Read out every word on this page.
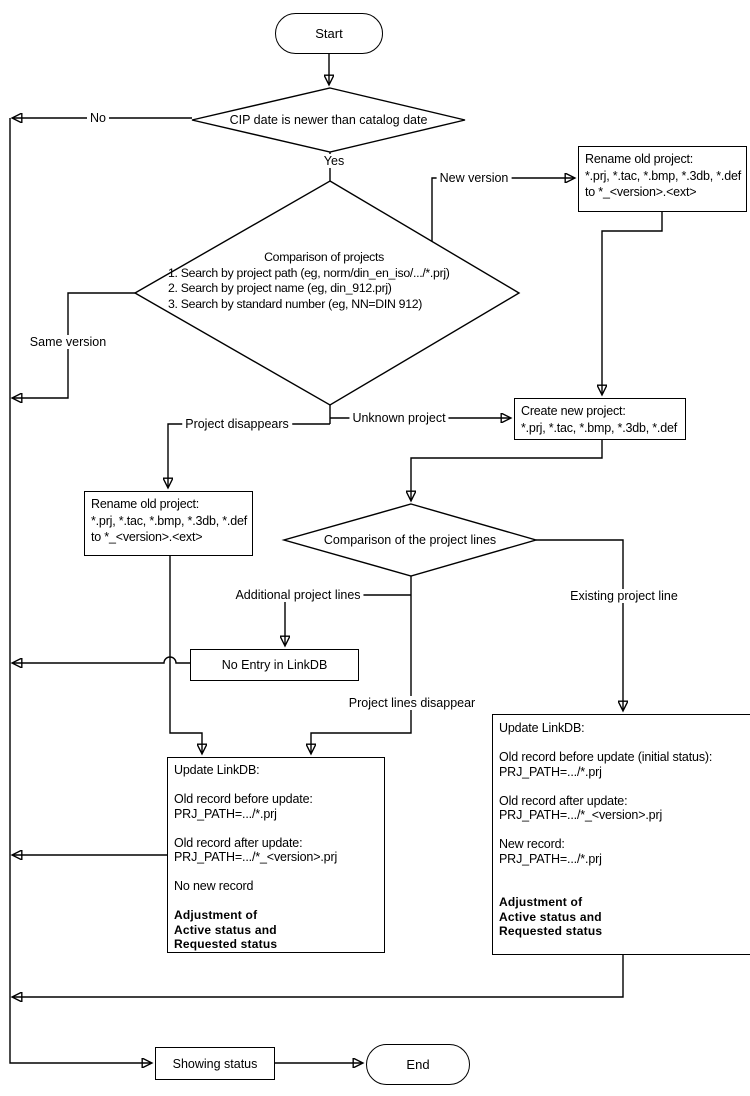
Start
CIP date is newer than catalog date
Comparison of projects
1. Search by project path (eg, norm/din_en_iso/.../*.prj)
2. Search by project name (eg, din_912.prj)
3. Search by standard number (eg, NN=DIN 912)
Rename old project:
*.prj, *.tac, *.bmp, *.3db, *.def
to *_<version>.<ext>
Create new project:
*.prj, *.tac, *.bmp, *.3db, *.def
Rename old project:
*.prj, *.tac, *.bmp, *.3db, *.def
to *_<version>.<ext>	Comparison of the project lines
No Entry in LinkDB
Update LinkDB:
Old record before update:
PRJ_PATH=.../*.prj
Old record after update:
PRJ_PATH=.../*_<version>.prj
No new record
Adjustment of
Active status and
Requested status
Update LinkDB:
Old record before update (initial status):
PRJ_PATH=.../*.prj
Old record after update:
PRJ_PATH=.../*_<version>.prj
New record:
PRJ_PATH=.../*.prj
Adjustment of
Active status and
Requested status
Showing status	End
No
Yes
New version
Same version
Unknown project
Project disappears
Additional project lines
Project lines disappear
Existing project line
